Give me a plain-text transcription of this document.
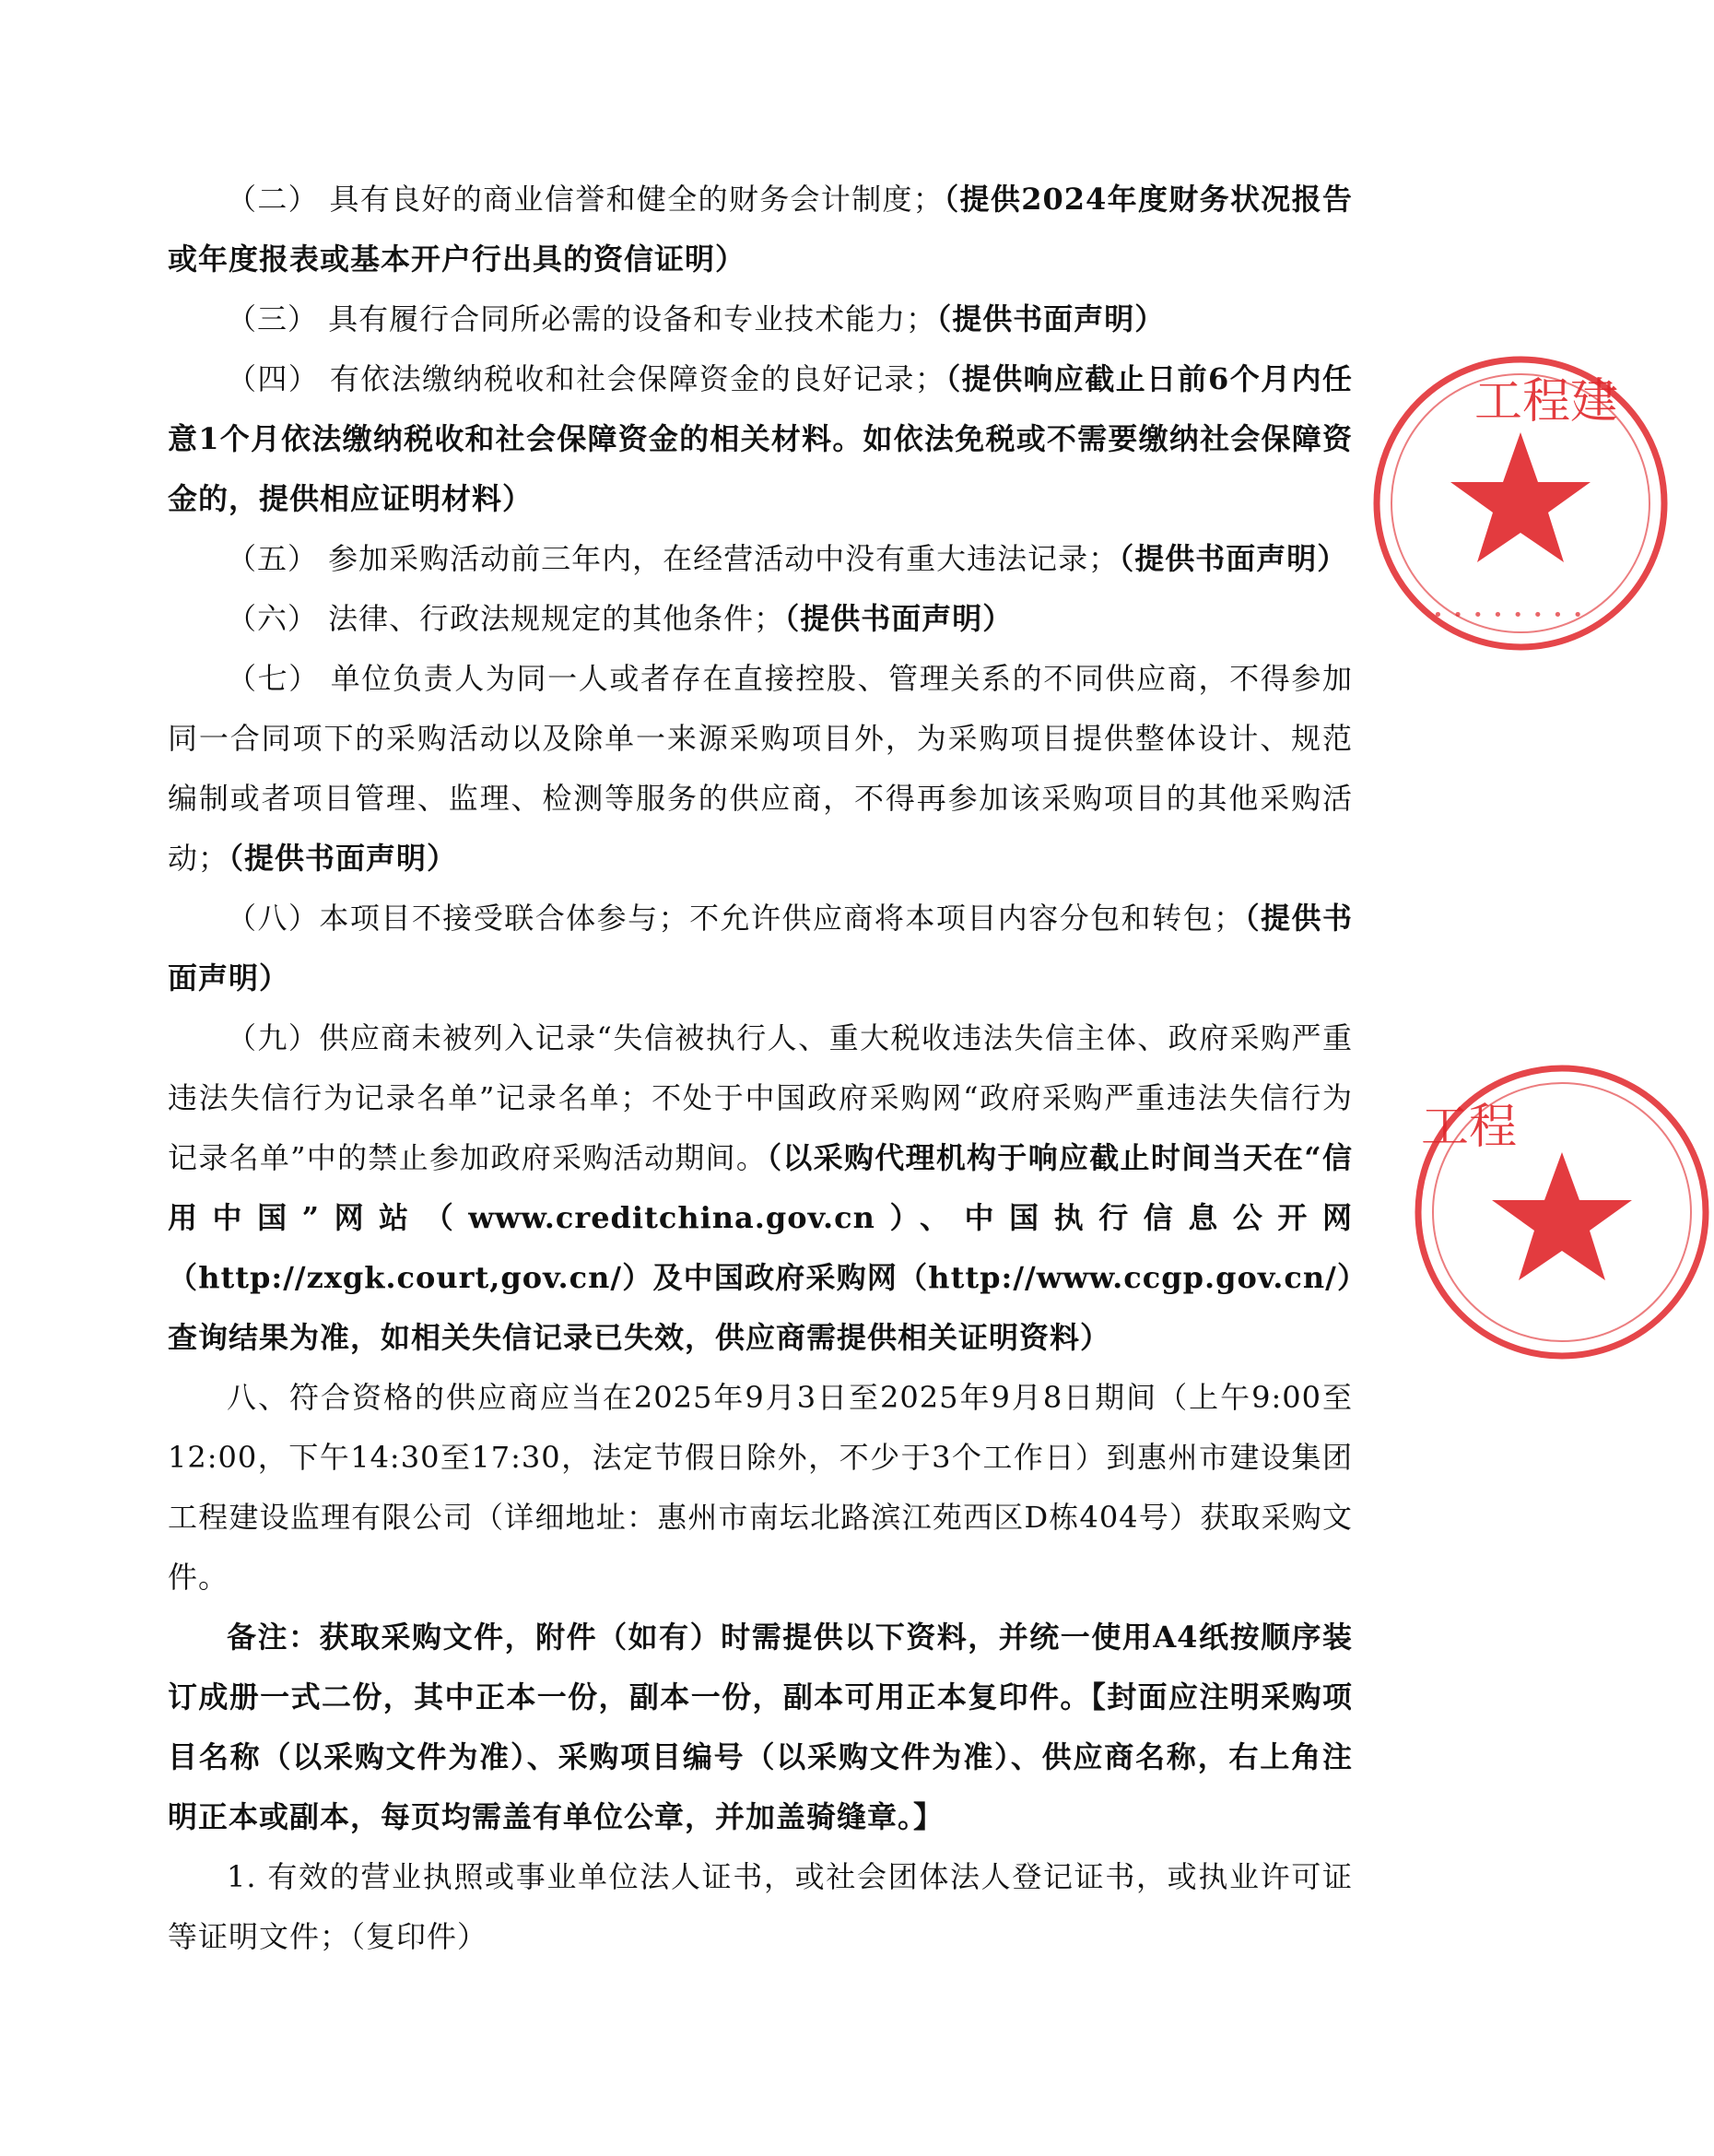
（二） 具有良好的商业信誉和健全的财务会计制度；（提供2024年度财务状况报告或年度报表或基本开户行出具的资信证明）

（三） 具有履行合同所必需的设备和专业技术能力；（提供书面声明）

（四） 有依法缴纳税收和社会保障资金的良好记录；（提供响应截止日前6个月内任意1个月依法缴纳税收和社会保障资金的相关材料。如依法免税或不需要缴纳社会保障资金的，提供相应证明材料）

（五） 参加采购活动前三年内，在经营活动中没有重大违法记录；（提供书面声明）

（六） 法律、行政法规规定的其他条件；（提供书面声明）

（七） 单位负责人为同一人或者存在直接控股、管理关系的不同供应商，不得参加同一合同项下的采购活动以及除单一来源采购项目外，为采购项目提供整体设计、规范编制或者项目管理、监理、检测等服务的供应商，不得再参加该采购项目的其他采购活动；（提供书面声明）

（八）本项目不接受联合体参与；不允许供应商将本项目内容分包和转包；（提供书面声明）

（九）供应商未被列入记录“失信被执行人、重大税收违法失信主体、政府采购严重违法失信行为记录名单”记录名单；不处于中国政府采购网“政府采购严重违法失信行为记录名单”中的禁止参加政府采购活动期间。（以采购代理机构于响应截止时间当天在“信用中国”网站（www.creditchina.gov.cn）、中国执行信息公开网（http://zxgk.court,gov.cn/）及中国政府采购网（http://www.ccgp.gov.cn/）查询结果为准，如相关失信记录已失效，供应商需提供相关证明资料）

八、符合资格的供应商应当在2025年9月3日至2025年9月8日期间（上午9:00至12:00，下午14:30至17:30，法定节假日除外，不少于3个工作日）到惠州市建设集团工程建设监理有限公司（详细地址：惠州市南坛北路滨江苑西区D栋404号）获取采购文件。

备注：获取采购文件，附件（如有）时需提供以下资料，并统一使用A4纸按顺序装订成册一式二份，其中正本一份，副本一份，副本可用正本复印件。【封面应注明采购项目名称（以采购文件为准）、采购项目编号（以采购文件为准）、供应商名称，右上角注明正本或副本，每页均需盖有单位公章，并加盖骑缝章。】

1. 有效的营业执照或事业单位法人证书，或社会团体法人登记证书，或执业许可证等证明文件；（复印件）

工程建
• • • • • • • •
工程
